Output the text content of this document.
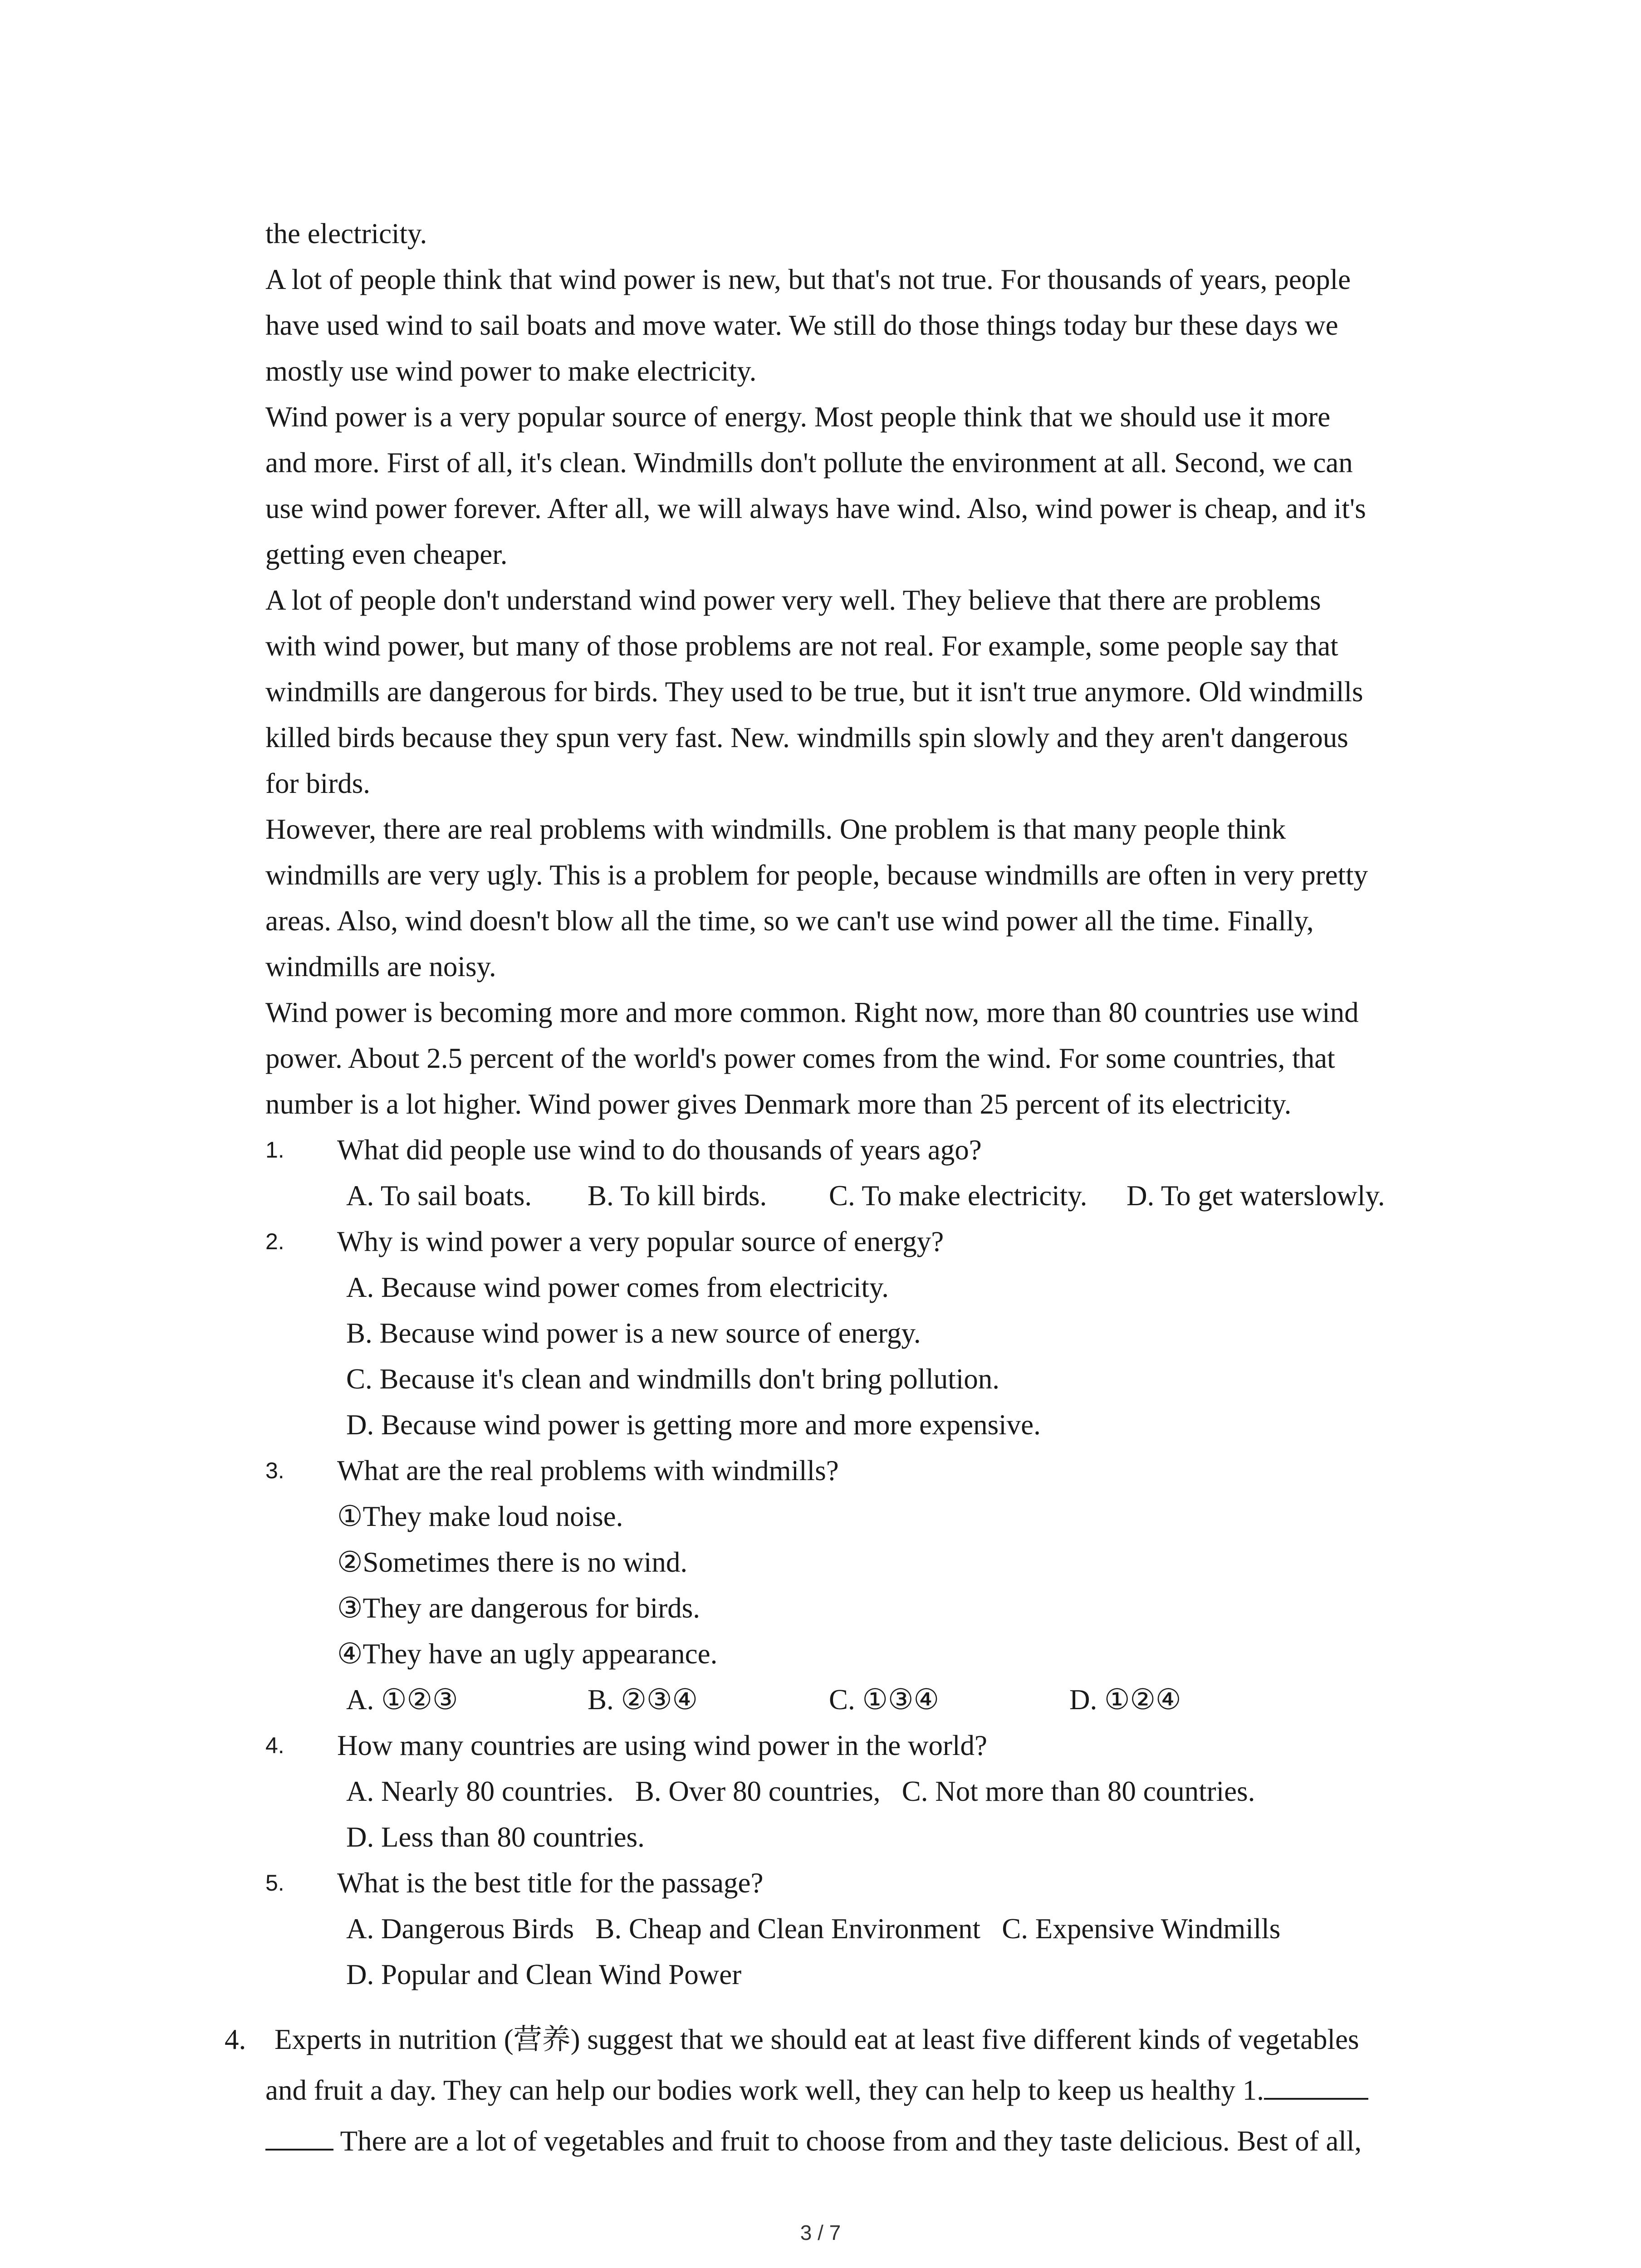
the electricity.
A lot of people think that wind power is new, but that's not true. For thousands of years, people
have used wind to sail boats and move water. We still do those things today bur these days we
mostly use wind power to make electricity.
Wind power is a very popular source of energy. Most people think that we should use it more
and more. First of all, it's clean. Windmills don't pollute the environment at all. Second, we can
use wind power forever. After all, we will always have wind. Also, wind power is cheap, and it's
getting even cheaper.
A lot of people don't understand wind power very well. They believe that there are problems
with wind power, but many of those problems are not real. For example, some people say that
windmills are dangerous for birds. They used to be true, but it isn't true anymore. Old windmills
killed birds because they spun very fast. New. windmills spin slowly and they aren't dangerous
for birds.
However, there are real problems with windmills. One problem is that many people think
windmills are very ugly. This is a problem for people, because windmills are often in very pretty
areas. Also, wind doesn't blow all the time, so we can't use wind power all the time. Finally,
windmills are noisy.
Wind power is becoming more and more common. Right now, more than 80 countries use wind
power. About 2.5 percent of the world's power comes from the wind. For some countries, that
number is a lot higher. Wind power gives Denmark more than 25 percent of its electricity.
1. What did people use wind to do thousands of years ago?
A. To sail boats. B. To kill birds. C. To make electricity. D. To get waterslowly.
2. Why is wind power a very popular source of energy?
A. Because wind power comes from electricity.
B. Because wind power is a new source of energy.
C. Because it's clean and windmills don't bring pollution.
D. Because wind power is getting more and more expensive.
3. What are the real problems with windmills?
①They make loud noise.
②Sometimes there is no wind.
③They are dangerous for birds.
④They have an ugly appearance.
A. ①②③	B. ②③④	C. ①③④	D. ①②④
4. How many countries are using wind power in the world?
A. Nearly 80 countries.   B. Over 80 countries,   C. Not more than 80 countries.
D. Less than 80 countries.
5. What is the best title for the passage?
A. Dangerous Birds   B. Cheap and Clean Environment   C. Expensive Windmills
D. Popular and Clean Wind Power
4. Experts in nutrition (营养) suggest that we should eat at least five different kinds of vegetables
and fruit a day. They can help our bodies work well, they can help to keep us healthy 1.
There are a lot of vegetables and fruit to choose from and they taste delicious. Best of all,
3 / 7
